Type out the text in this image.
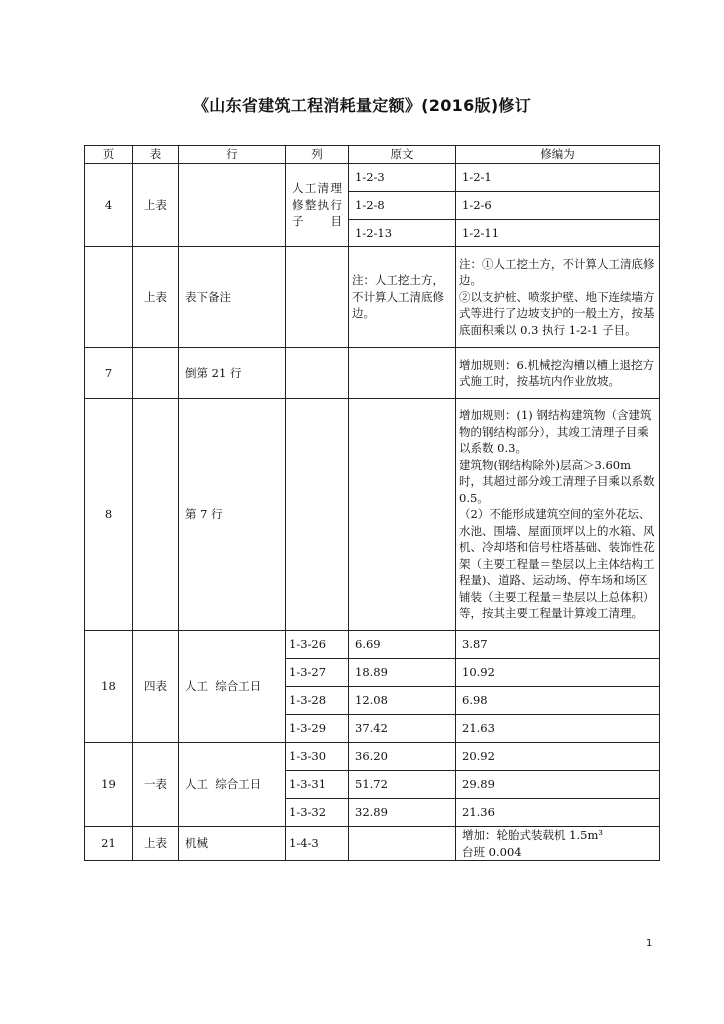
《山东省建筑工程消耗量定额》(2016版)修订
页	表	行	列	原文	修编为
4	上表		人工清理修整执行子目	1-2-3	1-2-1
				1-2-8	1-2-6
				1-2-13	1-2-11
	上表	表下备注		注：人工挖土方，不计算人工清底修边。	注：①人工挖土方，不计算人工清底修边。
②以支护桩、喷浆护壁、地下连续墙方式等进行了边坡支护的一般土方，按基底面积乘以 0.3 执行 1-2-1 子目。

7		倒第 21 行			增加规则：6.机械挖沟槽以槽上退挖方式施工时，按基坑内作业放坡。
8		第 7 行			增加规则：(1) 钢结构建筑物（含建筑物的钢结构部分），其竣工清理子目乘以系数 0.3。
建筑物(钢结构除外)层高＞3.60m 时，其超过部分竣工清理子目乘以系数 0.5。
（2）不能形成建筑空间的室外花坛、水池、围墙、屋面顶坪以上的水箱、风机、冷却塔和信号柱塔基础、装饰性花架（主要工程量＝垫层以上主体结构工程量)、道路、运动场、停车场和场区铺装（主要工程量＝垫层以上总体积）等，按其主要工程量计算竣工清理。

18	四表	人工  综合工日	1-3-26	6.69	3.87
			1-3-27	18.89	10.92
			1-3-28	12.08	6.98
			1-3-29	37.42	21.63
19	一表	人工  综合工日	1-3-30	36.20	20.92
			1-3-31	51.72	29.89
			1-3-32	32.89	21.36
21	上表	机械	1-4-3		增加：轮胎式装载机 1.5m³
台班 0.004
1
